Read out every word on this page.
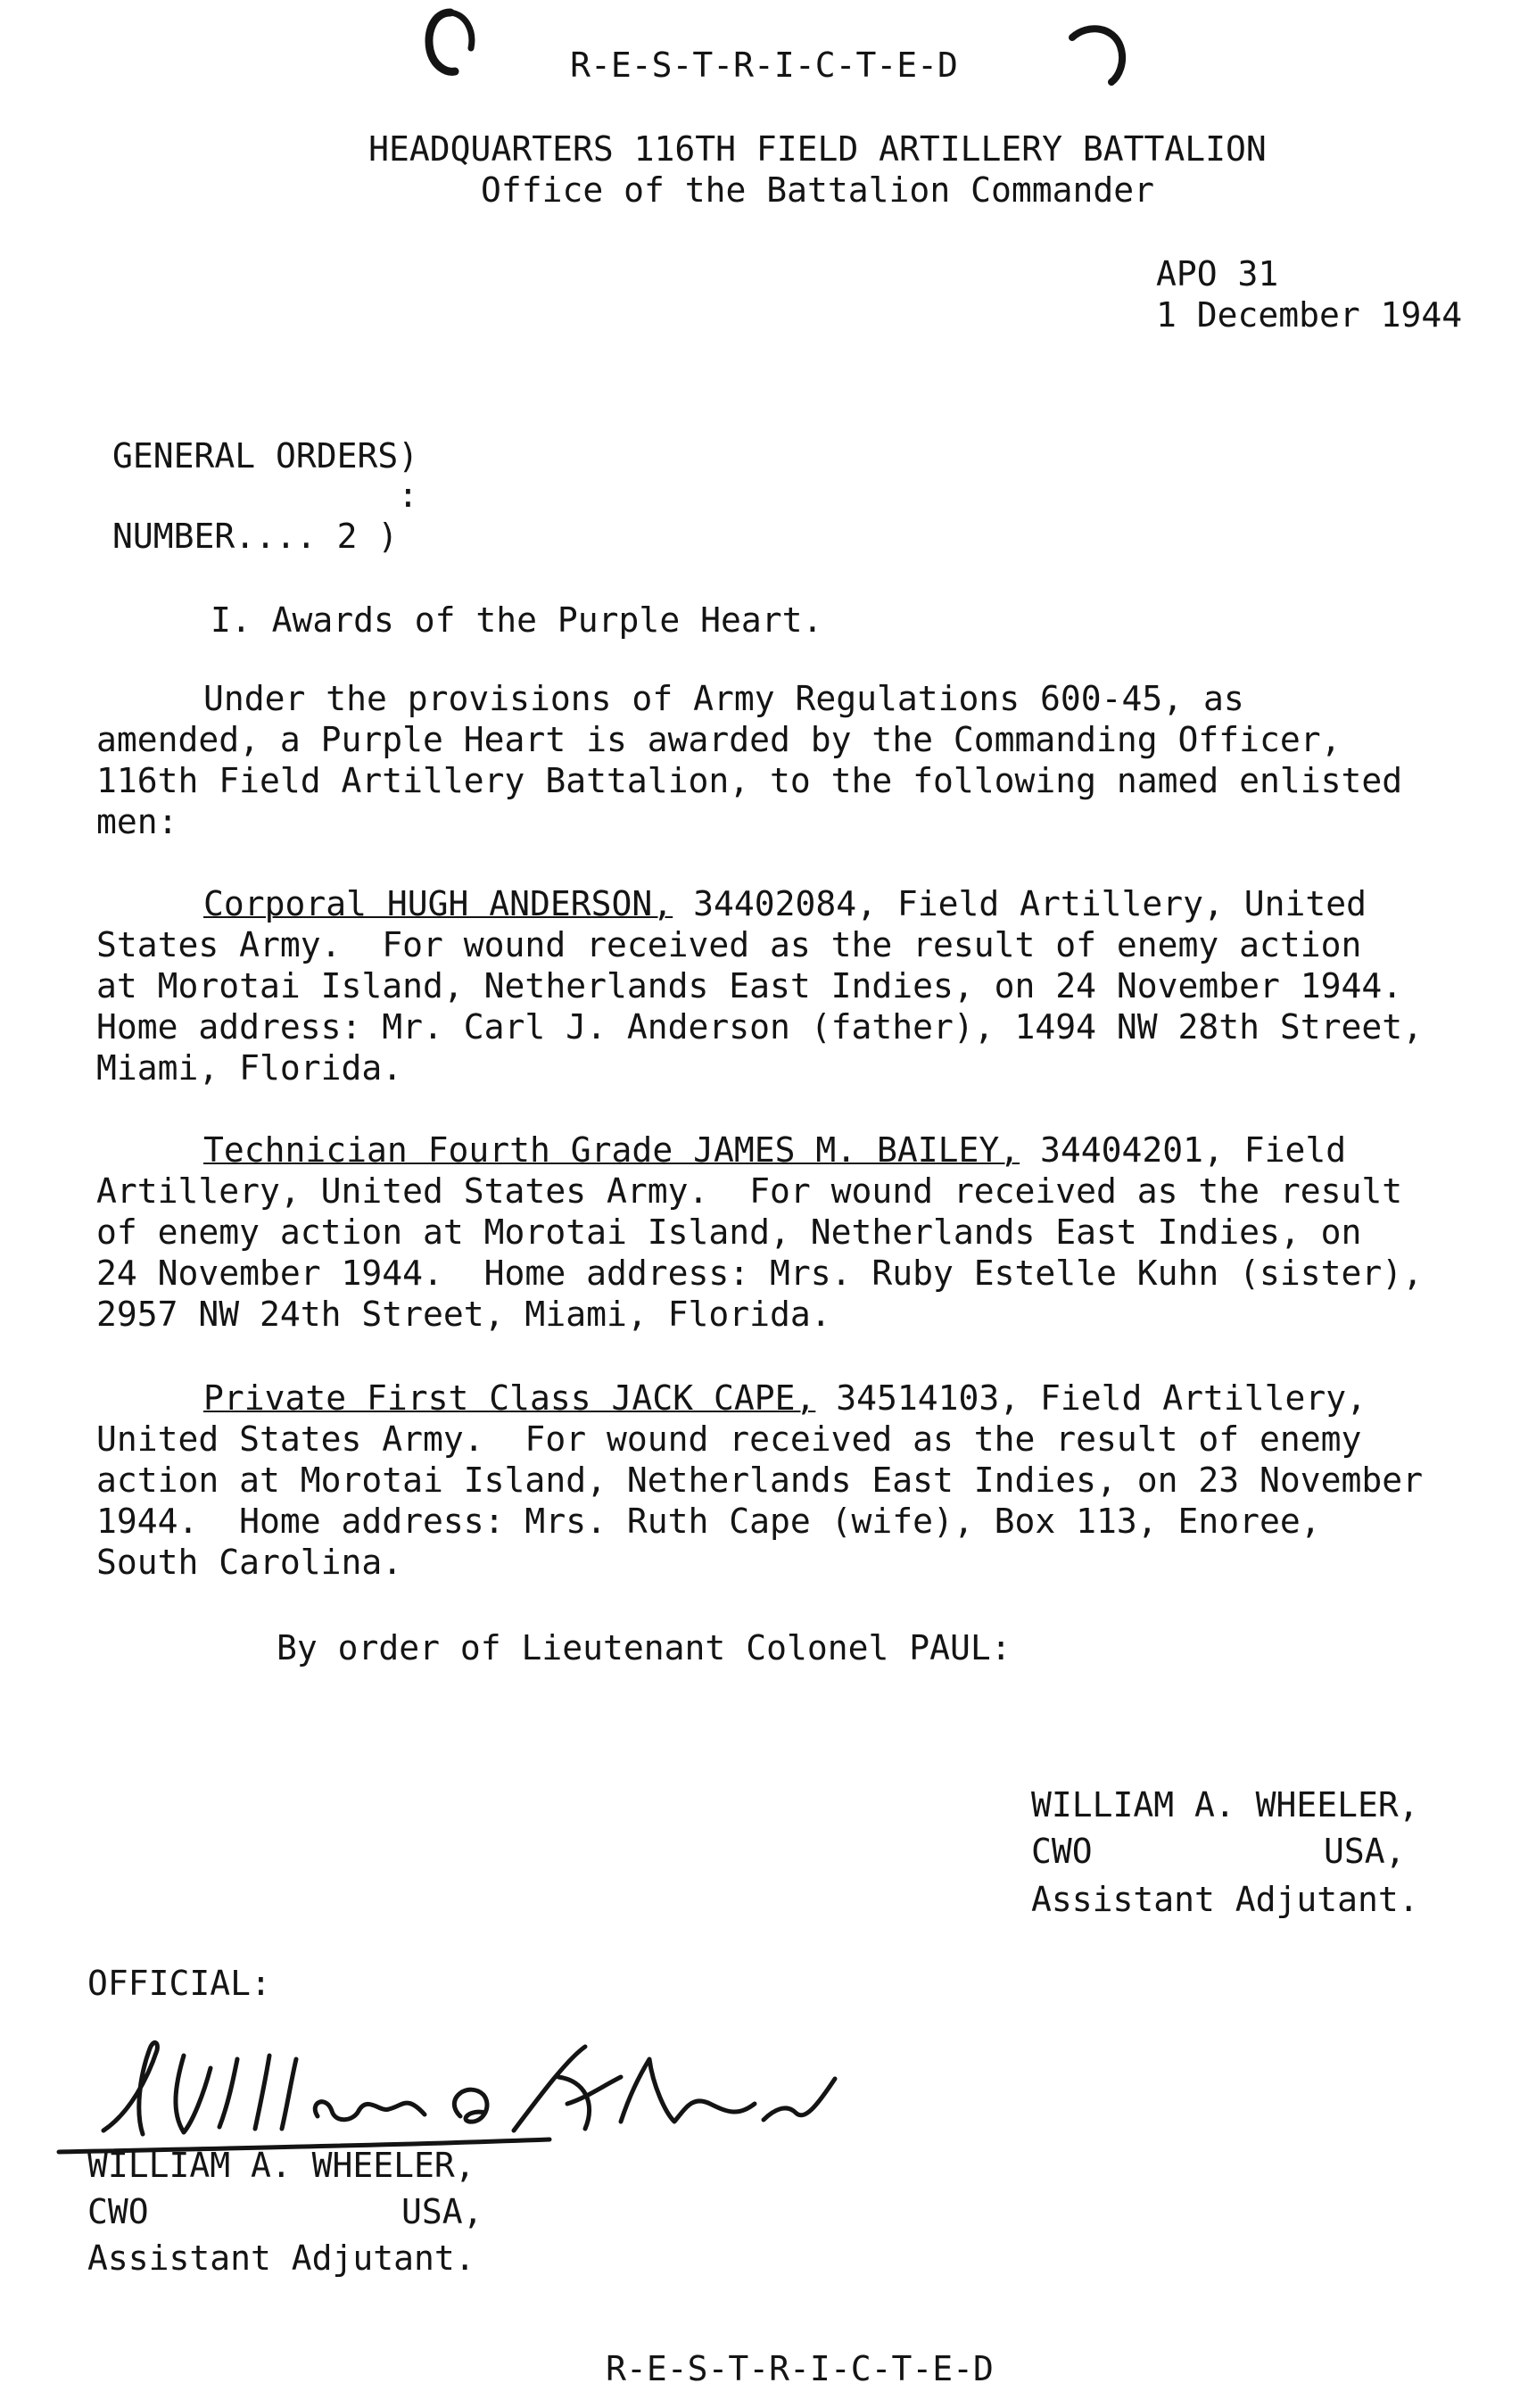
R-E-S-T-R-I-C-T-E-D
HEADQUARTERS 116TH FIELD ARTILLERY BATTALION
Office of the Battalion Commander
APO 31
1 December 1944
GENERAL ORDERS)
:
NUMBER.... 2 )
I. Awards of the Purple Heart.
Under the provisions of Army Regulations 600-45, as
amended, a Purple Heart is awarded by the Commanding Officer,
116th Field Artillery Battalion, to the following named enlisted
men:
Corporal HUGH ANDERSON, 34402084, Field Artillery, United
States Army.  For wound received as the result of enemy action
at Morotai Island, Netherlands East Indies, on 24 November 1944.
Home address: Mr. Carl J. Anderson (father), 1494 NW 28th Street,
Miami, Florida.
Technician Fourth Grade JAMES M. BAILEY, 34404201, Field
Artillery, United States Army.  For wound received as the result
of enemy action at Morotai Island, Netherlands East Indies, on
24 November 1944.  Home address: Mrs. Ruby Estelle Kuhn (sister),
2957 NW 24th Street, Miami, Florida.
Private First Class JACK CAPE, 34514103, Field Artillery,
United States Army.  For wound received as the result of enemy
action at Morotai Island, Netherlands East Indies, on 23 November
1944.  Home address: Mrs. Ruth Cape (wife), Box 113, Enoree,
South Carolina.
By order of Lieutenant Colonel PAUL:
WILLIAM A. WHEELER,
CWO	USA,
Assistant Adjutant.
OFFICIAL:
WILLIAM A. WHEELER,
CWO	USA,
Assistant Adjutant.
R-E-S-T-R-I-C-T-E-D
